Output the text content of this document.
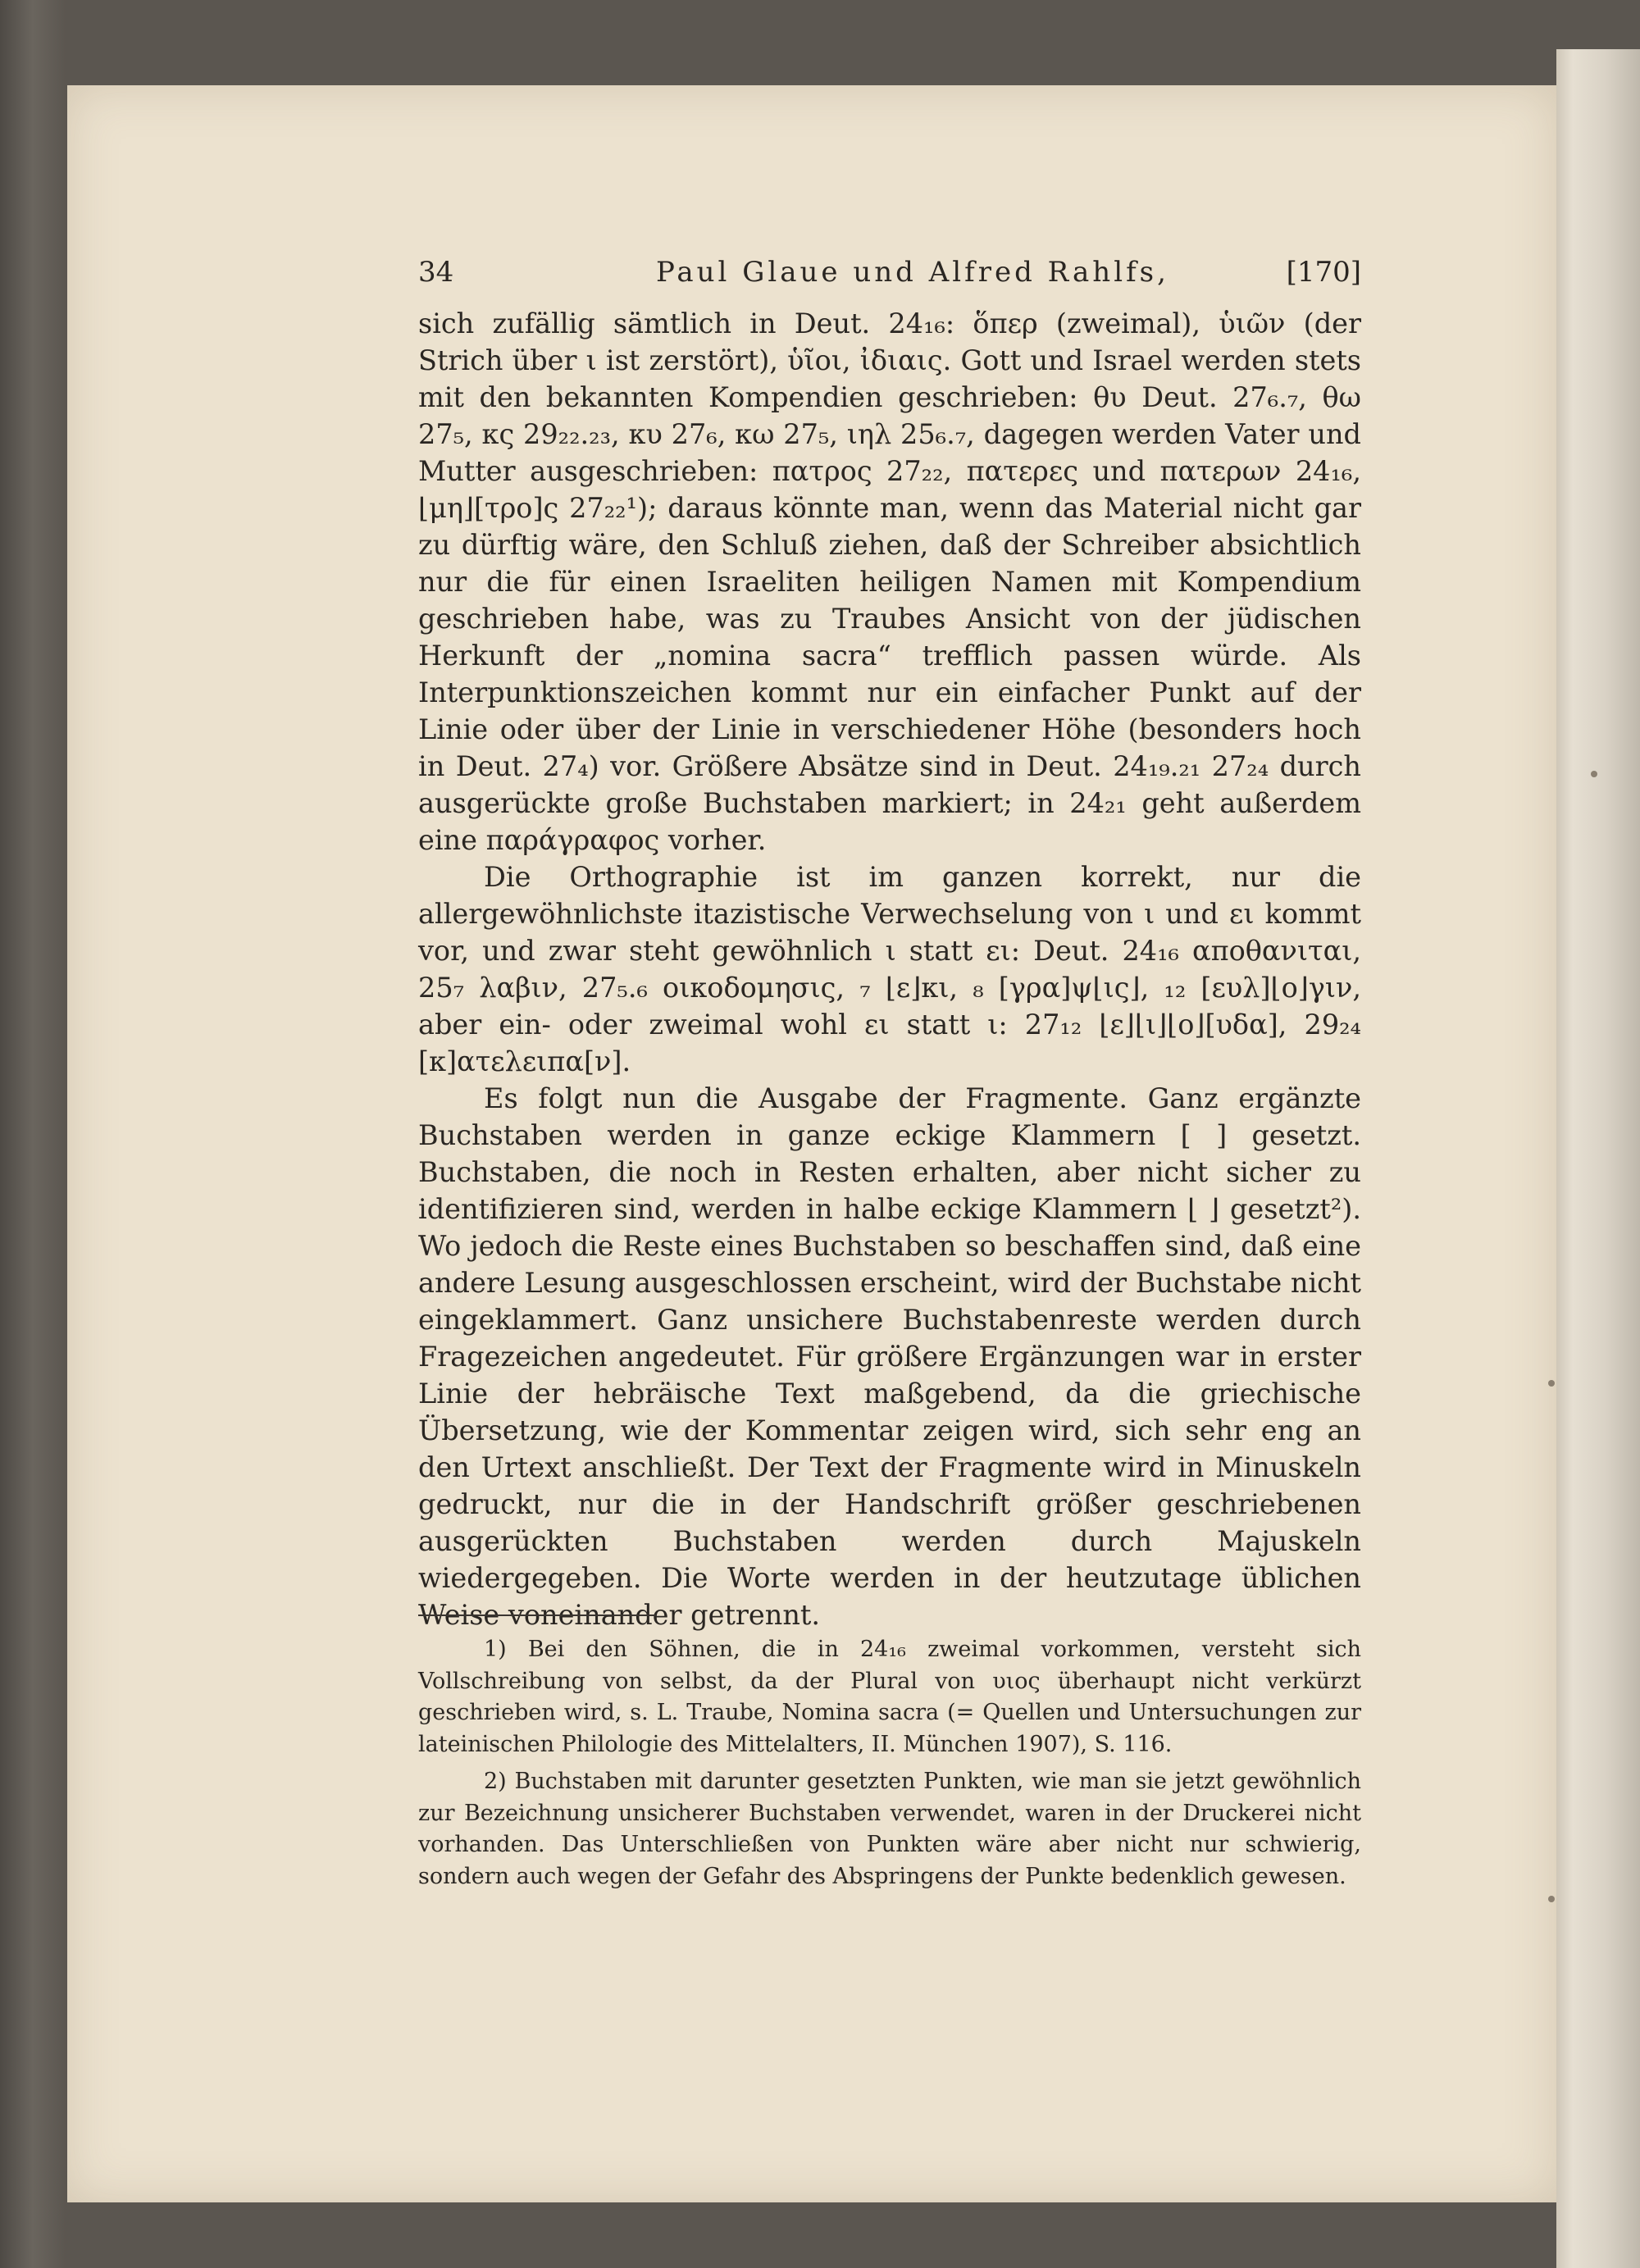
34	Paul Glaue und Alfred Rahlfs,	[170]

sich zufällig sämtlich in Deut. 24₁₆: ὅπερ (zweimal), ὑιῶν (der Strich über ι ist zerstört), ὑῖοι, ἰδιαις. Gott und Israel werden stets mit den bekannten Kompendien geschrieben: θυ Deut. 27₆.₇, θω 27₅, κς 29₂₂.₂₃, κυ 27₆, κω 27₅, ιηλ 25₆.₇, dagegen werden Vater und Mutter ausgeschrieben: πατρος 27₂₂, πατερες und πατερων 24₁₆, ⌊μη⌋[τρο]ς 27₂₂¹); daraus könnte man, wenn das Material nicht gar zu dürftig wäre, den Schluß ziehen, daß der Schreiber absichtlich nur die für einen Israeliten heiligen Namen mit Kompendium geschrieben habe, was zu Traubes Ansicht von der jüdischen Herkunft der „nomina sacra“ trefflich passen würde. Als Interpunktionszeichen kommt nur ein einfacher Punkt auf der Linie oder über der Linie in verschiedener Höhe (besonders hoch in Deut. 27₄) vor. Größere Absätze sind in Deut. 24₁₉.₂₁ 27₂₄ durch ausgerückte große Buchstaben markiert; in 24₂₁ geht außerdem eine παράγραφος vorher.

Die Orthographie ist im ganzen korrekt, nur die allergewöhnlichste itazistische Verwechselung von ι und ει kommt vor, und zwar steht gewöhnlich ι statt ει: Deut. 24₁₆ αποθανιται, 25₇ λαβιν, 27₅.₆ οικοδομησις, ₇ ⌊ε⌋κι, ₈ [γρα]ψ⌊ις⌋, ₁₂ [ευλ]⌊ο⌋γιν, aber ein- oder zweimal wohl ει statt ι: 27₁₂ ⌊ε⌋⌊ι⌋⌊ο⌋[υδα], 29₂₄ [κ]ατελειπα[ν].

Es folgt nun die Ausgabe der Fragmente. Ganz ergänzte Buchstaben werden in ganze eckige Klammern [ ] gesetzt. Buchstaben, die noch in Resten erhalten, aber nicht sicher zu identifizieren sind, werden in halbe eckige Klammern ⌊ ⌋ gesetzt²). Wo jedoch die Reste eines Buchstaben so beschaffen sind, daß eine andere Lesung ausgeschlossen erscheint, wird der Buchstabe nicht eingeklammert. Ganz unsichere Buchstabenreste werden durch Fragezeichen angedeutet. Für größere Ergänzungen war in erster Linie der hebräische Text maßgebend, da die griechische Übersetzung, wie der Kommentar zeigen wird, sich sehr eng an den Urtext anschließt. Der Text der Fragmente wird in Minuskeln gedruckt, nur die in der Handschrift größer geschriebenen ausgerückten Buchstaben werden durch Majuskeln wiedergegeben. Die Worte werden in der heutzutage üblichen Weise voneinander getrennt.

1) Bei den Söhnen, die in 24₁₆ zweimal vorkommen, versteht sich Vollschreibung von selbst, da der Plural von υιος überhaupt nicht verkürzt geschrieben wird, s. L. Traube, Nomina sacra (= Quellen und Untersuchungen zur lateinischen Philologie des Mittelalters, II. München 1907), S. 116.

2) Buchstaben mit darunter gesetzten Punkten, wie man sie jetzt gewöhnlich zur Bezeichnung unsicherer Buchstaben verwendet, waren in der Druckerei nicht vorhanden. Das Unterschließen von Punkten wäre aber nicht nur schwierig, sondern auch wegen der Gefahr des Abspringens der Punkte bedenklich gewesen.
